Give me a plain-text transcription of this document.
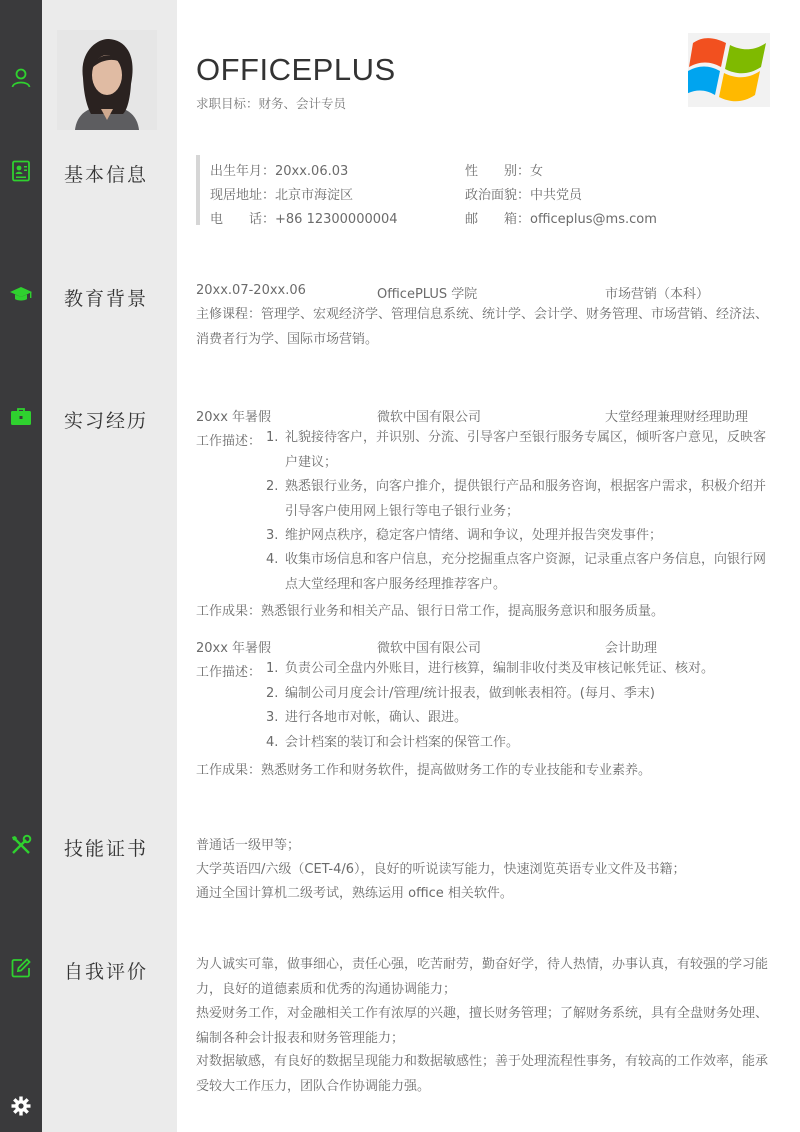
OFFICEPLUS
求职目标：财务、会计专员
基本信息
教育背景
实习经历
技能证书
自我评价
出生年月：20xx.06.03	性　　别：女
现居地址：北京市海淀区	政治面貌：中共党员
电　　话：+86 12300000004	邮　　箱：officeplus@ms.com
20xx.07-20xx.06	OfficePLUS 学院	市场营销（本科）
主修课程：管理学、宏观经济学、管理信息系统、统计学、会计学、财务管理、市场营销、经济法、消费者行为学、国际市场营销。
20xx 年暑假	微软中国有限公司	大堂经理兼理财经理助理
工作描述： 1. 礼貌接待客户，并识别、分流、引导客户至银行服务专属区，倾听客户意见，反映客户建议；
2. 熟悉银行业务，向客户推介，提供银行产品和服务咨询，根据客户需求，积极介绍并引导客户使用网上银行等电子银行业务；
3. 维护网点秩序，稳定客户情绪、调和争议，处理并报告突发事件；
4. 收集市场信息和客户信息，充分挖掘重点客户资源，记录重点客户务信息，向银行网点大堂经理和客户服务经理推荐客户。
工作成果：熟悉银行业务和相关产品、银行日常工作，提高服务意识和服务质量。
20xx 年暑假	微软中国有限公司	会计助理
工作描述： 1. 负责公司全盘内外账目，进行核算，编制非收付类及审核记帐凭证、核对。
2. 编制公司月度会计/管理/统计报表，做到帐表相符。(每月、季末)
3. 进行各地市对帐，确认、跟进。
4. 会计档案的装订和会计档案的保管工作。
工作成果：熟悉财务工作和财务软件，提高做财务工作的专业技能和专业素养。
普通话一级甲等；
大学英语四/六级（CET-4/6），良好的听说读写能力，快速浏览英语专业文件及书籍；
通过全国计算机二级考试，熟练运用 office 相关软件。
为人诚实可靠，做事细心，责任心强，吃苦耐劳，勤奋好学，待人热情，办事认真，有较强的学习能力，良好的道德素质和优秀的沟通协调能力；
热爱财务工作，对金融相关工作有浓厚的兴趣，擅长财务管理；了解财务系统，具有全盘财务处理、编制各种会计报表和财务管理能力；
对数据敏感，有良好的数据呈现能力和数据敏感性；善于处理流程性事务，有较高的工作效率，能承受较大工作压力，团队合作协调能力强。
